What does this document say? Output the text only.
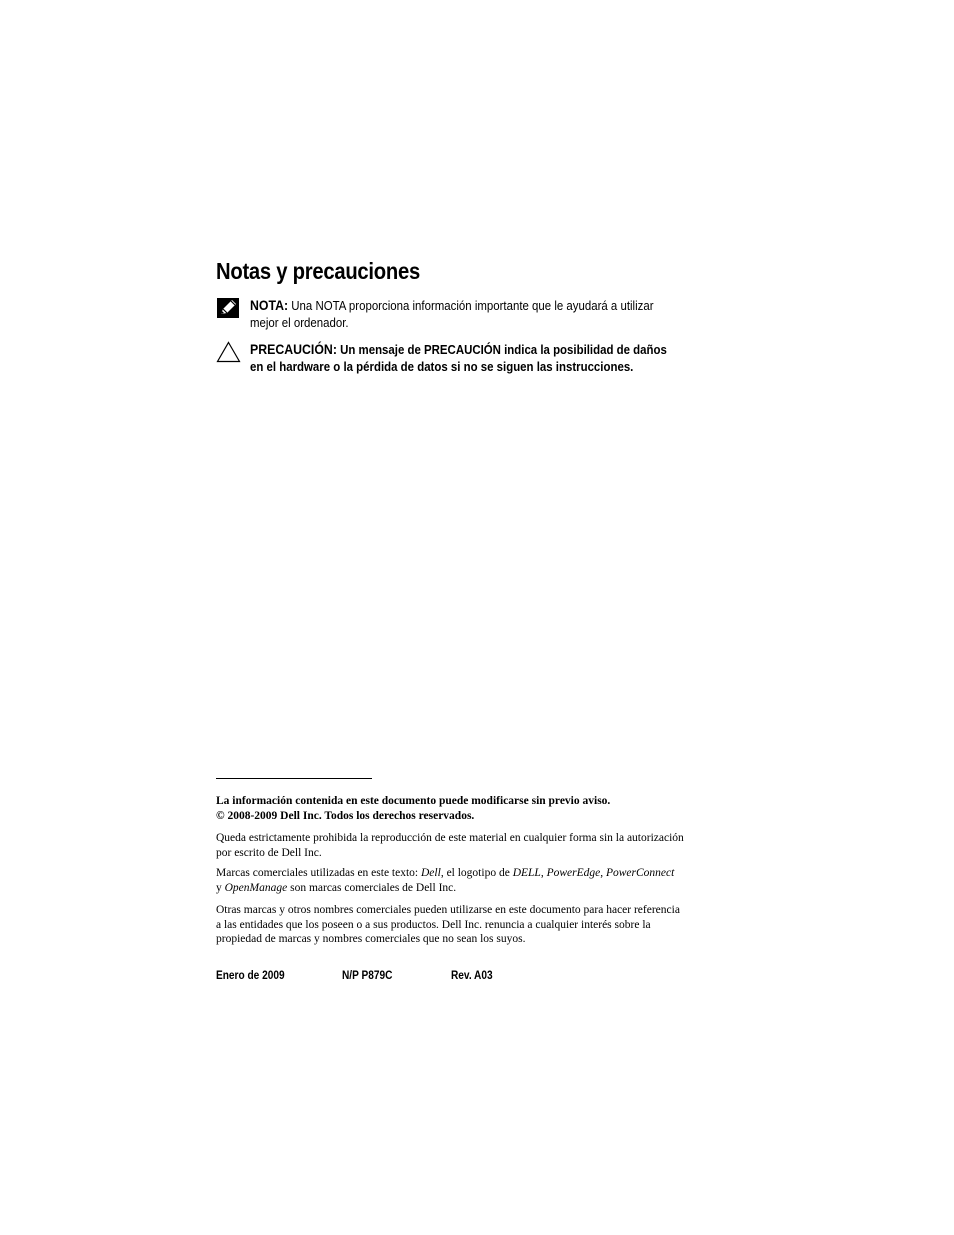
Notas y precauciones
NOTA: Una NOTA proporciona información importante que le ayudará a utilizar
mejor el ordenador.
PRECAUCIÓN: Un mensaje de PRECAUCIÓN indica la posibilidad de daños
en el hardware o la pérdida de datos si no se siguen las instrucciones.
La información contenida en este documento puede modificarse sin previo aviso.
© 2008-2009 Dell Inc. Todos los derechos reservados.
Queda estrictamente prohibida la reproducción de este material en cualquier forma sin la autorización
por escrito de Dell Inc.
Marcas comerciales utilizadas en este texto: Dell, el logotipo de DELL, PowerEdge, PowerConnect
y OpenManage son marcas comerciales de Dell Inc.
Otras marcas y otros nombres comerciales pueden utilizarse en este documento para hacer referencia
a las entidades que los poseen o a sus productos. Dell Inc. renuncia a cualquier interés sobre la
propiedad de marcas y nombres comerciales que no sean los suyos.
Enero de 2009	N/P P879C	Rev. A03
